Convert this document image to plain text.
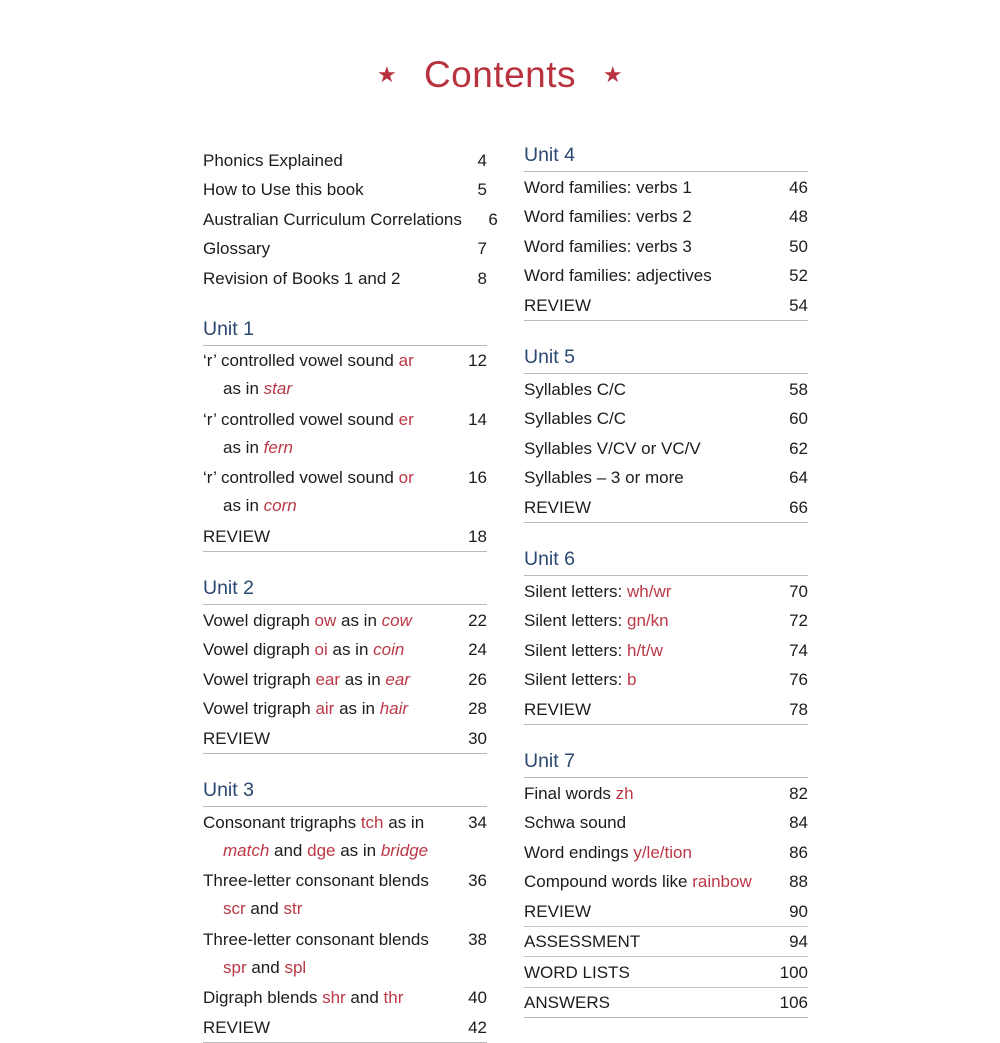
★ Contents ★
Phonics Explained	4
How to Use this book	5
Australian Curriculum Correlations	6
Glossary	7
Revision of Books 1 and 2	8
Unit 1
‘r’ controlled vowel sound ar	12
as in star
‘r’ controlled vowel sound er	14
as in fern
‘r’ controlled vowel sound or	16
as in corn
REVIEW	18
Unit 2
Vowel digraph ow as in cow	22
Vowel digraph oi as in coin	24
Vowel trigraph ear as in ear	26
Vowel trigraph air as in hair	28
REVIEW	30
Unit 3
Consonant trigraphs tch as in	34
match and dge as in bridge
Three-letter consonant blends	36
scr and str
Three-letter consonant blends	38
spr and spl
Digraph blends shr and thr	40
REVIEW	42
Unit 4
Word families: verbs 1	46
Word families: verbs 2	48
Word families: verbs 3	50
Word families: adjectives	52
REVIEW	54
Unit 5
Syllables C/C	58
Syllables C/C	60
Syllables V/CV or VC/V	62
Syllables – 3 or more	64
REVIEW	66
Unit 6
Silent letters: wh/wr	70
Silent letters: gn/kn	72
Silent letters: h/t/w	74
Silent letters: b	76
REVIEW	78
Unit 7
Final words zh	82
Schwa sound	84
Word endings y/le/tion	86
Compound words like rainbow	88
REVIEW	90
ASSESSMENT	94
WORD LISTS	100
ANSWERS	106
